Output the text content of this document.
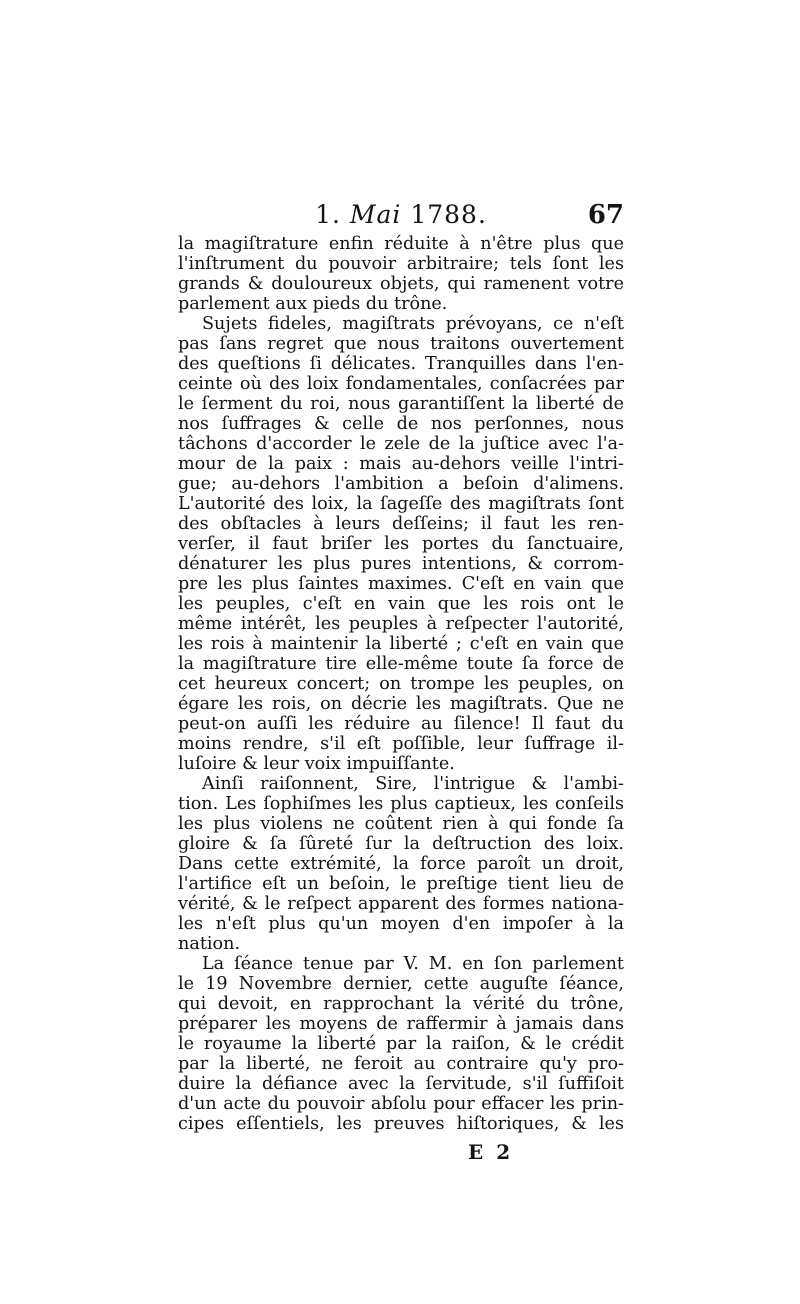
1. Mai 1788.	67
la magiſtrature enfin réduite à n'être plus que
l'inſtrument du pouvoir arbitraire; tels ſont les
grands & douloureux objets, qui ramenent votre
parlement aux pieds du trône.
Sujets fideles, magiſtrats prévoyans, ce n'eſt
pas ſans regret que nous traitons ouvertement
des queſtions ſi délicates. Tranquilles dans l'en-
ceinte où des loix fondamentales, conſacrées par
le ſerment du roi, nous garantiſſent la liberté de
nos ſuffrages & celle de nos perſonnes, nous
tâchons d'accorder le zele de la juſtice avec l'a-
mour de la paix : mais au-dehors veille l'intri-
gue; au-dehors l'ambition a beſoin d'alimens.
L'autorité des loix, la ſageſſe des magiſtrats ſont
des obſtacles à leurs deſſeins; il faut les ren-
verſer, il faut briſer les portes du ſanctuaire,
dénaturer les plus pures intentions, & corrom-
pre les plus ſaintes maximes. C'eſt en vain que
les peuples, c'eſt en vain que les rois ont le
même intérêt, les peuples à reſpecter l'autorité,
les rois à maintenir la liberté ; c'eſt en vain que
la magiſtrature tire elle-même toute ſa force de
cet heureux concert; on trompe les peuples, on
égare les rois, on décrie les magiſtrats. Que ne
peut-on auſſi les réduire au ſilence! Il faut du
moins rendre, s'il eſt poſſible, leur ſuffrage il-
luſoire & leur voix impuiſſante.
Ainſi raiſonnent, Sire, l'intrigue & l'ambi-
tion. Les ſophiſmes les plus captieux, les conſeils
les plus violens ne coûtent rien à qui fonde ſa
gloire & ſa ſûreté ſur la deſtruction des loix.
Dans cette extrémité, la force paroît un droit,
l'artifice eſt un beſoin, le preſtige tient lieu de
vérité, & le reſpect apparent des formes nationa-
les n'eſt plus qu'un moyen d'en impoſer à la
nation.
La ſéance tenue par V. M. en ſon parlement
le 19 Novembre dernier, cette auguſte ſéance,
qui devoit, en rapprochant la vérité du trône,
préparer les moyens de raffermir à jamais dans
le royaume la liberté par la raiſon, & le crédit
par la liberté, ne feroit au contraire qu'y pro-
duire la défiance avec la ſervitude, s'il ſuffiſoit
d'un acte du pouvoir abſolu pour effacer les prin-
cipes eſſentiels, les preuves hiſtoriques, & les
E 2
